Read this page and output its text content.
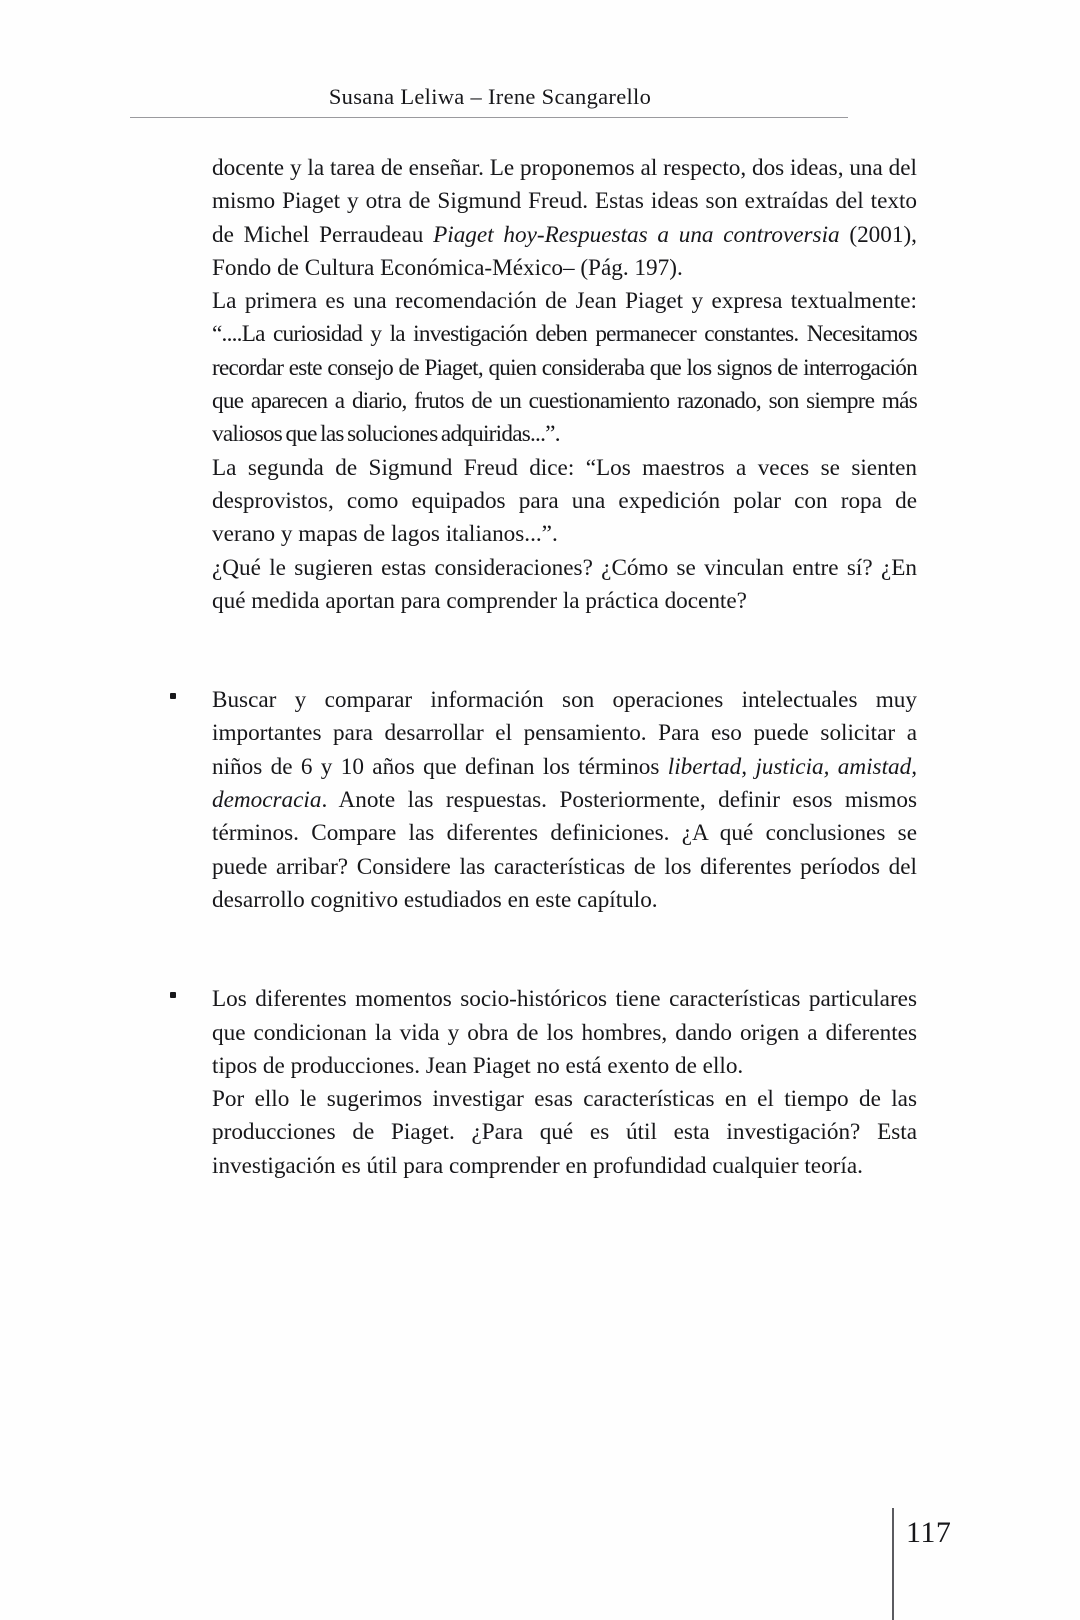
Susana Leliwa – Irene Scangarello

docente y la tarea de enseñar. Le proponemos al respecto, dos ideas, una del mismo Piaget y otra de Sigmund Freud. Estas ideas son extraídas del texto de Michel Perraudeau Piaget hoy-Respuestas a una controversia (2001), Fondo de Cultura Económica-México– (Pág. 197).

La primera es una recomendación de Jean Piaget y expresa textualmente: “....La curiosidad y la investigación deben permanecer constantes. Necesitamos recordar este consejo de Piaget, quien consideraba que los signos de interrogación que aparecen a diario, frutos de un cuestionamiento razonado, son siempre más valiosos que las soluciones adquiridas...”.

La segunda de Sigmund Freud dice: “Los maestros a veces se sienten desprovistos, como equipados para una expedición polar con ropa de verano y mapas de lagos italianos...”.

¿Qué le sugieren estas consideraciones? ¿Cómo se vinculan entre sí? ¿En qué medida aportan para comprender la práctica docente?

Buscar y comparar información son operaciones intelectuales muy importantes para desarrollar el pensamiento. Para eso puede solicitar a niños de 6 y 10 años que definan los términos libertad, justicia, amistad, democracia. Anote las respuestas. Posteriormente, definir esos mismos términos. Compare las diferentes definiciones. ¿A qué conclusiones se puede arribar? Considere las características de los diferentes períodos del desarrollo cognitivo estudiados en este capítulo.

Los diferentes momentos socio-históricos tiene características particulares que condicionan la vida y obra de los hombres, dando origen a diferentes tipos de producciones. Jean Piaget no está exento de ello.

Por ello le sugerimos investigar esas características en el tiempo de las producciones de Piaget. ¿Para qué es útil esta investigación? Esta investigación es útil para comprender en profundidad cualquier teoría.

117
